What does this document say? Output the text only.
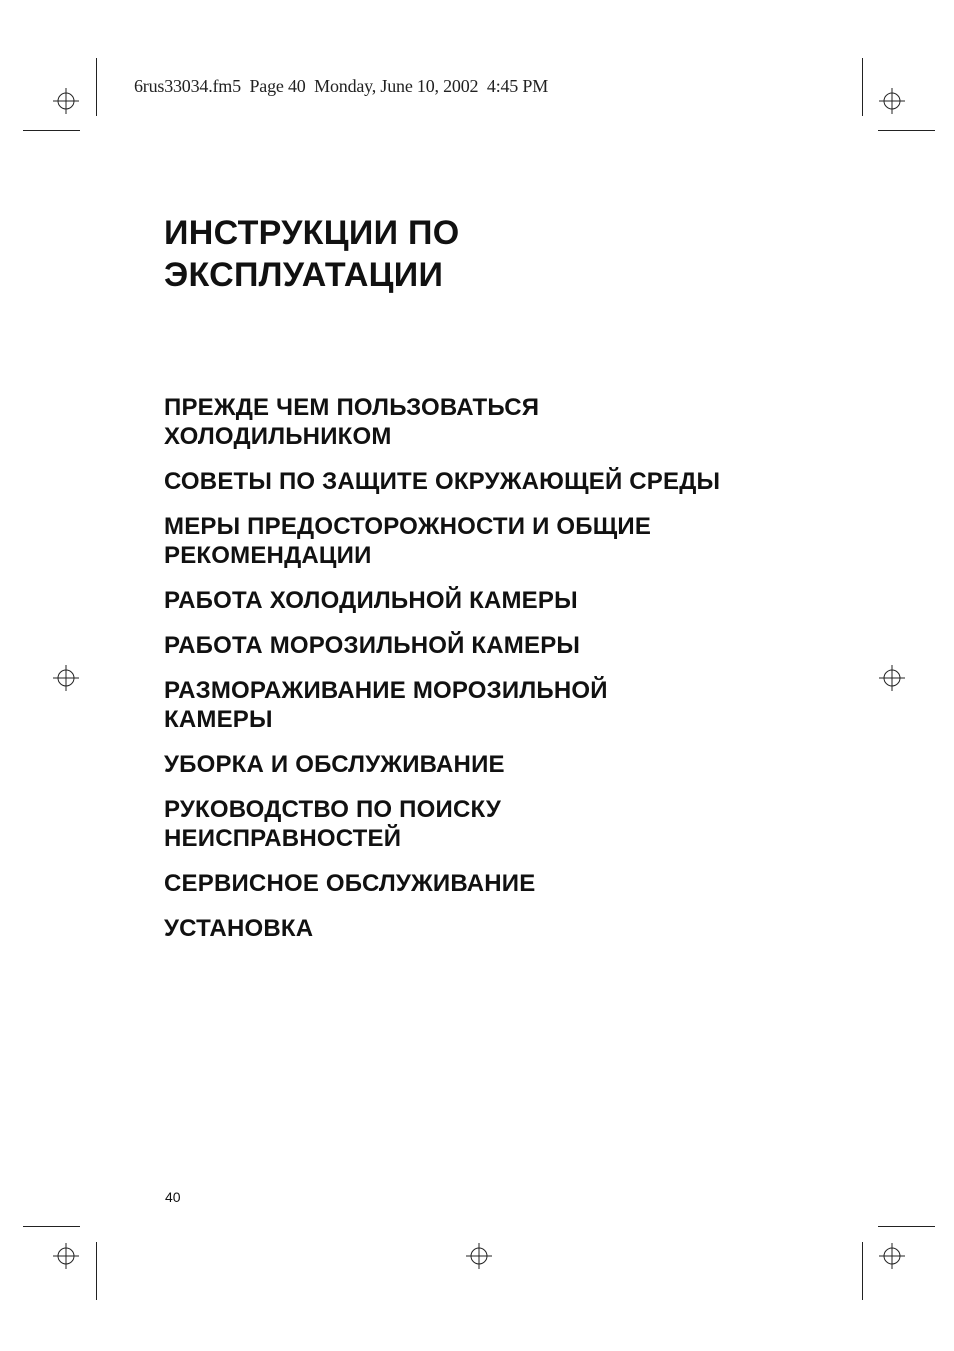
6rus33034.fm5  Page 40  Monday, June 10, 2002  4:45 PM
ИНСТРУКЦИИ ПО
ЭКСПЛУАТАЦИИ
ПРЕЖДЕ ЧЕМ ПОЛЬЗОВАТЬСЯ
ХОЛОДИЛЬНИКОМ
СОВЕТЫ ПО ЗАЩИТЕ ОКРУЖАЮЩЕЙ СРЕДЫ
МЕРЫ ПРЕДОСТОРОЖНОСТИ И ОБЩИЕ
РЕКОМЕНДАЦИИ
РАБОТА ХОЛОДИЛЬНОЙ КАМЕРЫ
РАБОТА МОРОЗИЛЬНОЙ КАМЕРЫ
РАЗМОРАЖИВАНИЕ МОРОЗИЛЬНОЙ
КАМЕРЫ
УБОРКА И ОБСЛУЖИВАНИЕ
РУКОВОДСТВО ПО ПОИСКУ
НЕИСПРАВНОСТЕЙ
СЕРВИСНОЕ ОБСЛУЖИВАНИЕ
УСТАНОВКА
40
